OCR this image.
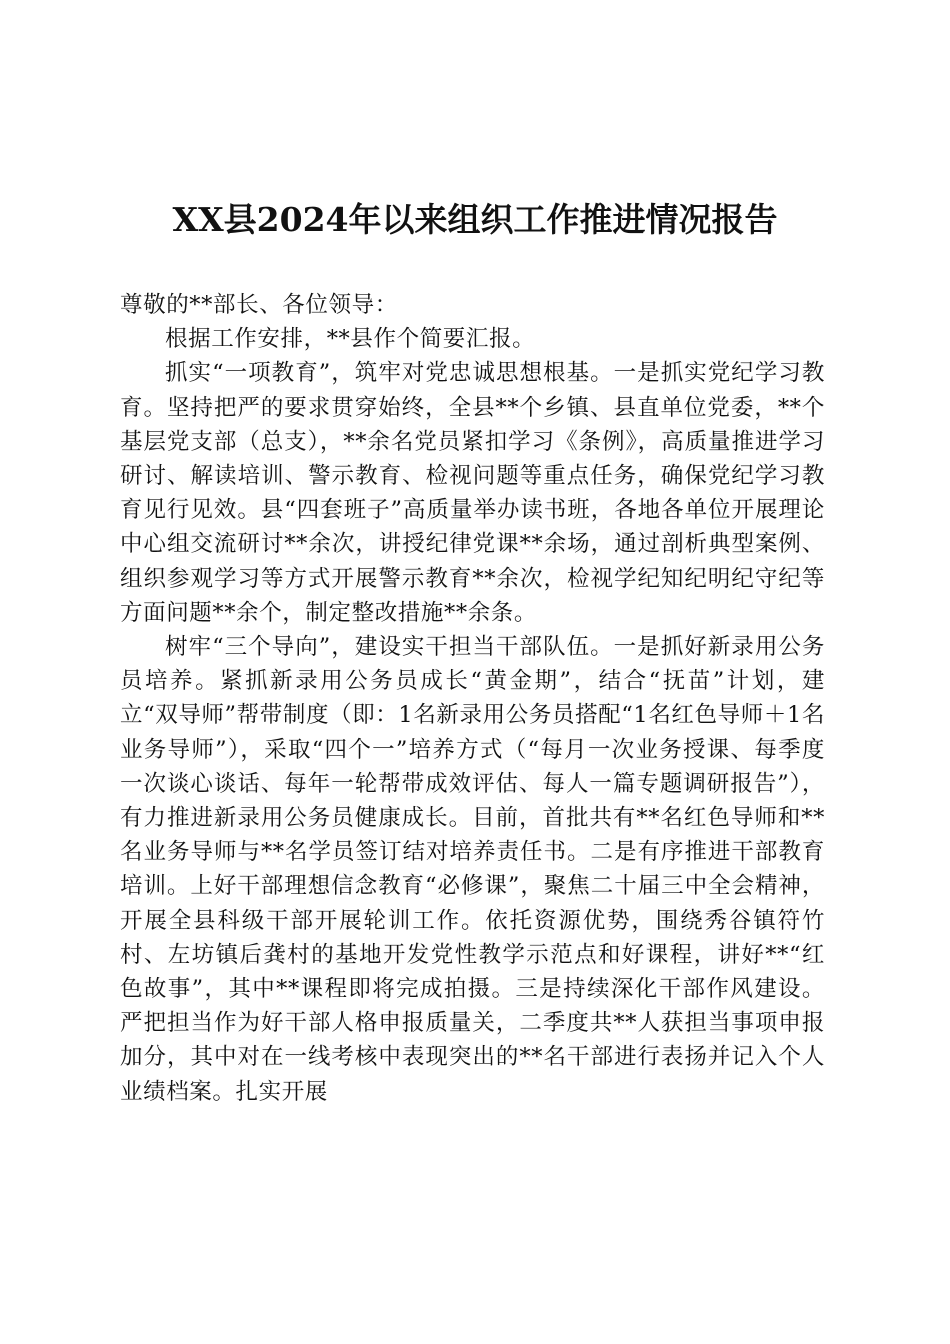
XX县2024年以来组织工作推进情况报告

尊敬的**部长、各位领导：

根据工作安排，**县作个简要汇报。

抓实“一项教育”，筑牢对党忠诚思想根基。一是抓实党纪学习教育。坚持把严的要求贯穿始终，全县**个乡镇、县直单位党委，**个基层党支部（总支），**余名党员紧扣学习《条例》，高质量推进学习研讨、解读培训、警示教育、检视问题等重点任务，确保党纪学习教育见行见效。县“四套班子”高质量举办读书班，各地各单位开展理论中心组交流研讨**余次，讲授纪律党课**余场，通过剖析典型案例、组织参观学习等方式开展警示教育**余次，检视学纪知纪明纪守纪等方面问题**余个，制定整改措施**余条。

树牢“三个导向”，建设实干担当干部队伍。一是抓好新录用公务员培养。紧抓新录用公务员成长“黄金期”，结合“抚苗”计划，建立“双导师”帮带制度（即：1名新录用公务员搭配“1名红色导师＋1名业务导师”），采取“四个一”培养方式（“每月一次业务授课、每季度一次谈心谈话、每年一轮帮带成效评估、每人一篇专题调研报告”），有力推进新录用公务员健康成长。目前，首批共有**名红色导师和**名业务导师与**名学员签订结对培养责任书。二是有序推进干部教育培训。上好干部理想信念教育“必修课”，聚焦二十届三中全会精神，开展全县科级干部开展轮训工作。依托资源优势，围绕秀谷镇符竹村、左坊镇后龚村的基地开发党性教学示范点和好课程，讲好**“红色故事”，其中**课程即将完成拍摄。三是持续深化干部作风建设。严把担当作为好干部人格申报质量关，二季度共**人获担当事项申报加分，其中对在一线考核中表现突出的**名干部进行表扬并记入个人业绩档案。扎实开展
